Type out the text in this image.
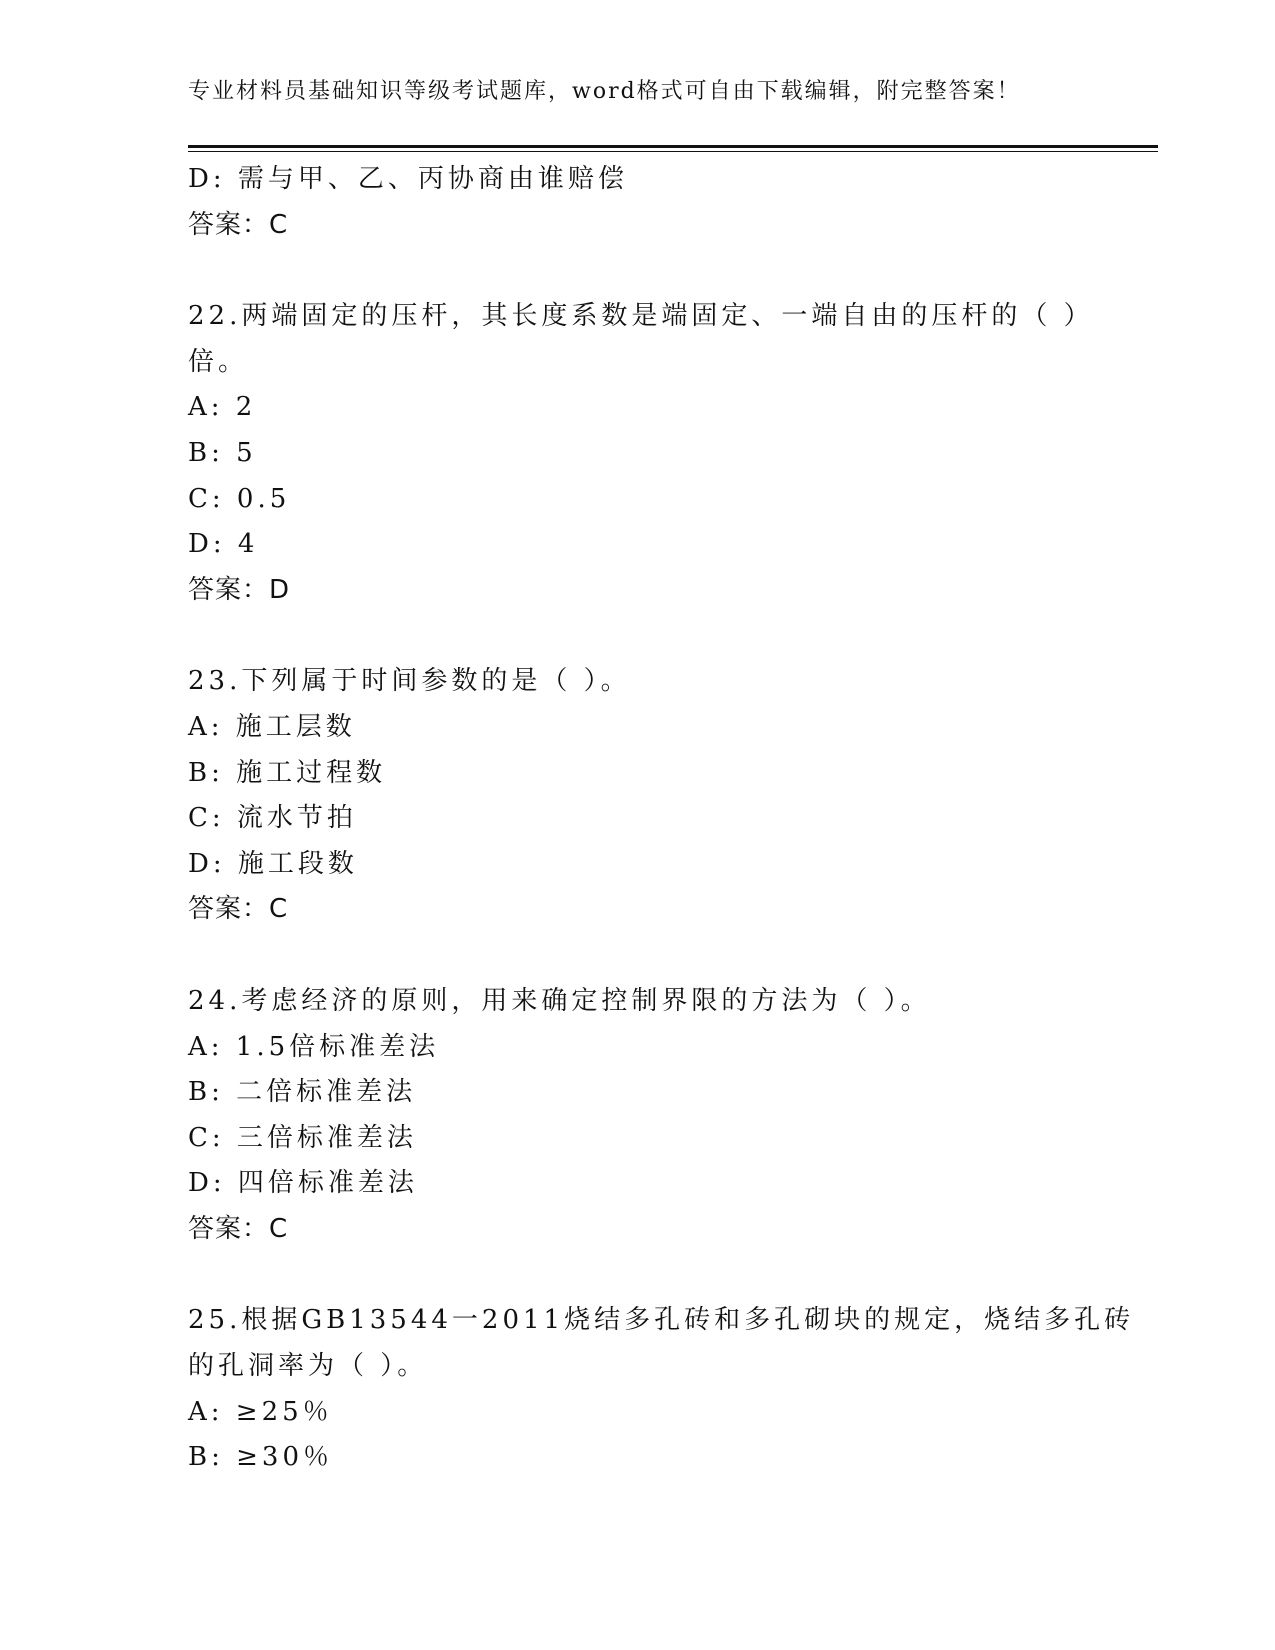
专业材料员基础知识等级考试题库，word格式可自由下载编辑，附完整答案！
D: 需与甲、乙、丙协商由谁赔偿
答案：C
22.两端固定的压杆，其长度系数是端固定、一端自由的压杆的（ ）
倍。
A: 2
B: 5
C: 0.5
D: 4
答案：D
23.下列属于时间参数的是（ ）。
A: 施工层数
B: 施工过程数
C: 流水节拍
D: 施工段数
答案：C
24.考虑经济的原则，用来确定控制界限的方法为（ ）。
A: 1.5倍标准差法
B: 二倍标准差法
C: 三倍标准差法
D: 四倍标准差法
答案：C
25.根据GB13544一2011烧结多孔砖和多孔砌块的规定，烧结多孔砖
的孔洞率为（ ）。
A: ≥25％
B: ≥30％
